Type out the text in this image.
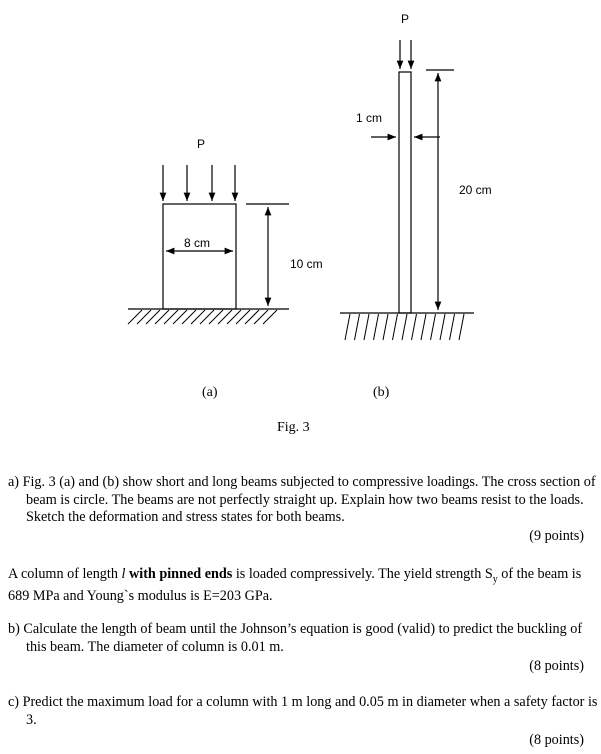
P
8 cm
10 cm
(a)
P
1 cm
20 cm
(b)
Fig. 3

a) Fig. 3 (a) and (b) show short and long beams subjected to compressive loadings. The cross section of beam is circle. The beams are not perfectly straight up. Explain how two beams resist to the loads. Sketch the deformation and stress states for both beams.

(9 points)

A column of length l with pinned ends is loaded compressively. The yield strength $S_y$ of the beam is 689 MPa and Young`s modulus is E=203 GPa.

b) Calculate the length of beam until the Johnson’s equation is good (valid) to predict the buckling of this beam. The diameter of column is 0.01 m.

(8 points)

c) Predict the maximum load for a column with 1 m long and 0.05 m in diameter when a safety factor is 3.

(8 points)
